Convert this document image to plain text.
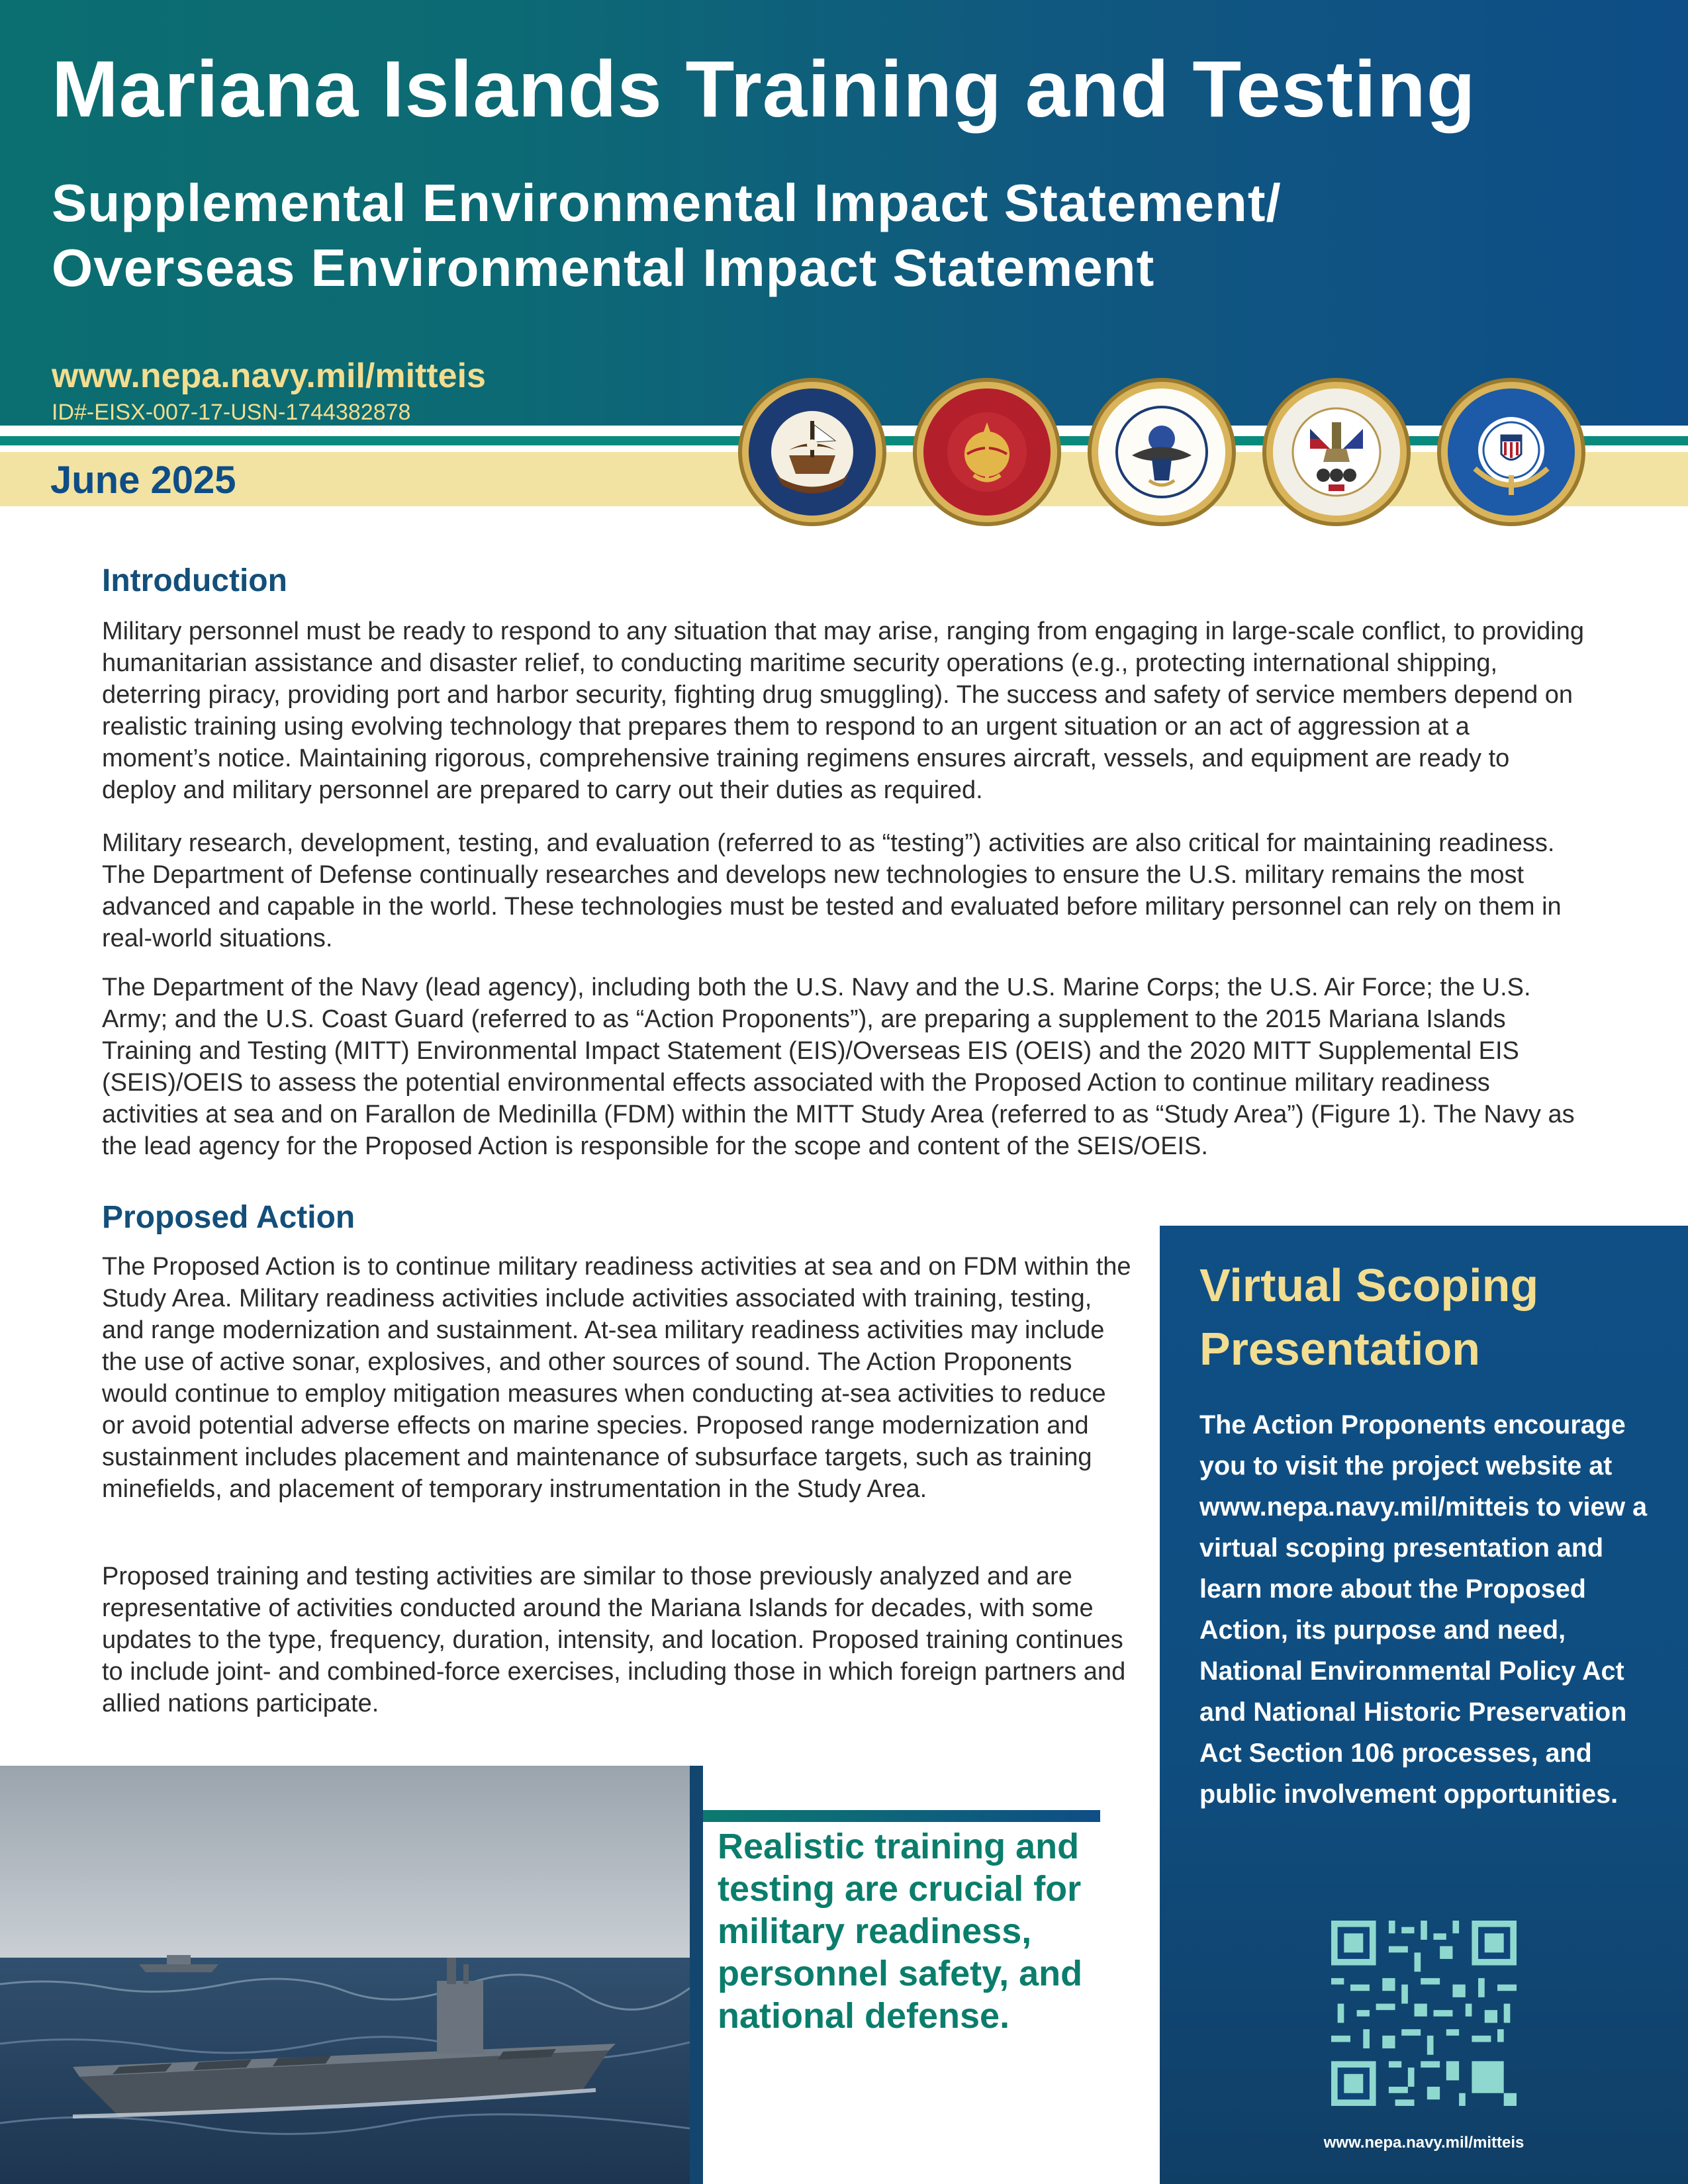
Mariana Islands Training and Testing
Supplemental Environmental Impact Statement/
Overseas Environmental Impact Statement
www.nepa.navy.mil/mitteis
ID#-EISX-007-17-USN-1744382878
June 2025
Introduction

Military personnel must be ready to respond to any situation that may arise, ranging from engaging in large-scale conflict, to providing humanitarian assistance and disaster relief, to conducting maritime security operations (e.g., protecting international shipping, deterring piracy, providing port and harbor security, fighting drug smuggling). The success and safety of service members depend on realistic training using evolving technology that prepares them to respond to an urgent situation or an act of aggression at a moment’s notice. Maintaining rigorous, comprehensive training regimens ensures aircraft, vessels, and equipment are ready to deploy and military personnel are prepared to carry out their duties as required.

Military research, development, testing, and evaluation (referred to as “testing”) activities are also critical for maintaining readiness. The Department of Defense continually researches and develops new technologies to ensure the U.S. military remains the most advanced and capable in the world. These technologies must be tested and evaluated before military personnel can rely on them in real-world situations.

The Department of the Navy (lead agency), including both the U.S. Navy and the U.S. Marine Corps; the U.S. Air Force; the U.S. Army; and the U.S. Coast Guard (referred to as “Action Proponents”), are preparing a supplement to the 2015 Mariana Islands Training and Testing (MITT) Environmental Impact Statement (EIS)/Overseas EIS (OEIS) and the 2020 MITT Supplemental EIS (SEIS)/OEIS to assess the potential environmental effects associated with the Proposed Action to continue military readiness activities at sea and on Farallon de Medinilla (FDM) within the MITT Study Area (referred to as “Study Area”) (Figure 1). The Navy as the lead agency for the Proposed Action is responsible for the scope and content of the SEIS/OEIS.

Proposed Action

The Proposed Action is to continue military readiness activities at sea and on FDM within the Study Area. Military readiness activities include activities associated with training, testing, and range modernization and sustainment. At-sea military readiness activities may include the use of active sonar, explosives, and other sources of sound. The Action Proponents would continue to employ mitigation measures when conducting at-sea activities to reduce or avoid potential adverse effects on marine species. Proposed range modernization and sustainment includes placement and maintenance of subsurface targets, such as training minefields, and placement of temporary instrumentation in the Study Area.

Proposed training and testing activities are similar to those previously analyzed and are representative of activities conducted around the Mariana Islands for decades, with some updates to the type, frequency, duration, intensity, and location. Proposed training continues to include joint- and combined-force exercises, including those in which foreign partners and allied nations participate.

Realistic training and testing are crucial for military readiness, personnel safety, and national defense.

Virtual Scoping Presentation

The Action Proponents encourage you to visit the project website at www.nepa.navy.mil/mitteis to view a virtual scoping presentation and learn more about the Proposed Action, its purpose and need, National Environmental Policy Act and National Historic Preservation Act Section 106 processes, and public involvement opportunities.

www.nepa.navy.mil/mitteis
